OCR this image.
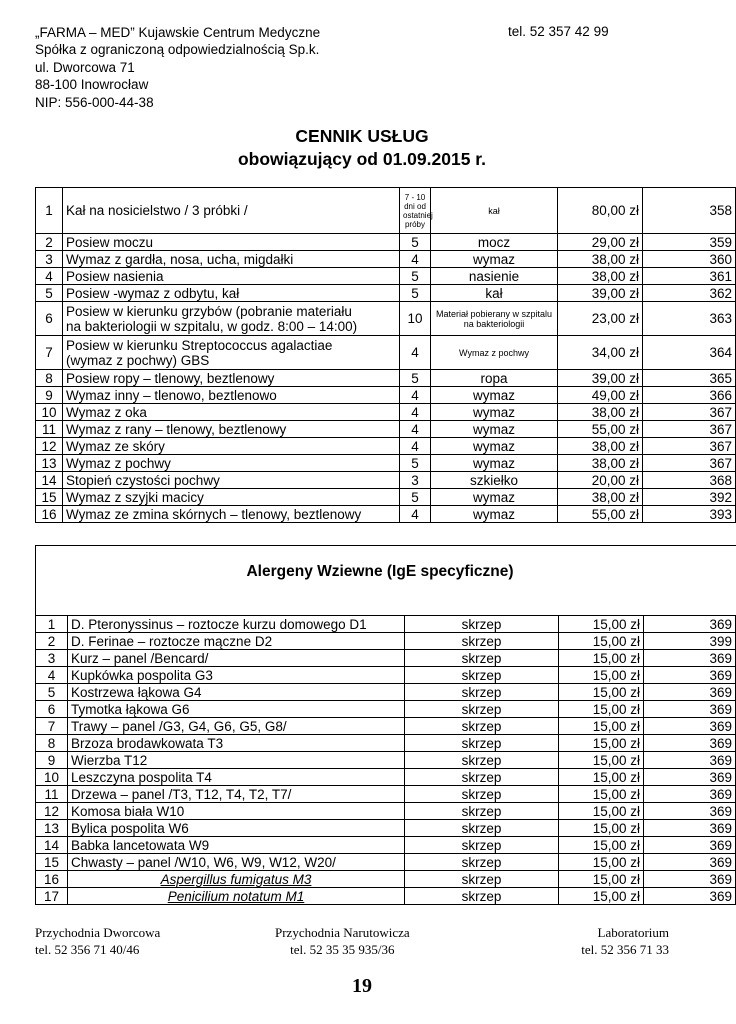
„FARMA – MED” Kujawskie Centrum Medyczne
Spółka z ograniczoną odpowiedzialnością Sp.k.
ul. Dworcowa 71
88-100 Inowrocław
NIP: 556-000-44-38
tel. 52 357 42 99
CENNIK USŁUG
obowiązujący od 01.09.2015 r.
1	Kał na nosicielstwo / 3 próbki /	7 - 10 dni od ostatniej próby	kał	80,00 zł	358
2	Posiew moczu	5	mocz	29,00 zł	359
3	Wymaz z gardła, nosa, ucha, migdałki	4	wymaz	38,00 zł	360
4	Posiew nasienia	5	nasienie	38,00 zł	361
5	Posiew -wymaz z odbytu, kał	5	kał	39,00 zł	362
6	Posiew w kierunku grzybów (pobranie materiału
na bakteriologii w szpitalu, w godz. 8:00 – 14:00)	10	Materiał pobierany w szpitalu na bakteriologii	23,00 zł	363
7	Posiew w kierunku Streptococcus agalactiae
(wymaz z pochwy) GBS	4	Wymaz z pochwy	34,00 zł	364
8	Posiew ropy – tlenowy, beztlenowy	5	ropa	39,00 zł	365
9	Wymaz inny – tlenowo, beztlenowo	4	wymaz	49,00 zł	366
10	Wymaz z oka	4	wymaz	38,00 zł	367
11	Wymaz z rany – tlenowy, beztlenowy	4	wymaz	55,00 zł	367
12	Wymaz ze skóry	4	wymaz	38,00 zł	367
13	Wymaz z pochwy	5	wymaz	38,00 zł	367
14	Stopień czystości pochwy	3	szkiełko	20,00 zł	368
15	Wymaz z szyjki macicy	5	wymaz	38,00 zł	392
16	Wymaz ze zmina skórnych – tlenowy, beztlenowy	4	wymaz	55,00 zł	393
Alergeny Wziewne (IgE specyficzne)
1	D. Pteronyssinus – roztocze kurzu domowego D1	skrzep	15,00 zł	369
2	D. Ferinae – roztocze mączne D2	skrzep	15,00 zł	399
3	Kurz – panel /Bencard/	skrzep	15,00 zł	369
4	Kupkówka pospolita G3	skrzep	15,00 zł	369
5	Kostrzewa łąkowa G4	skrzep	15,00 zł	369
6	Tymotka łąkowa G6	skrzep	15,00 zł	369
7	Trawy – panel /G3, G4, G6, G5, G8/	skrzep	15,00 zł	369
8	Brzoza brodawkowata T3	skrzep	15,00 zł	369
9	Wierzba T12	skrzep	15,00 zł	369
10	Leszczyna pospolita T4	skrzep	15,00 zł	369
11	Drzewa – panel /T3, T12, T4, T2, T7/	skrzep	15,00 zł	369
12	Komosa biała W10	skrzep	15,00 zł	369
13	Bylica pospolita W6	skrzep	15,00 zł	369
14	Babka lancetowata W9	skrzep	15,00 zł	369
15	Chwasty – panel /W10, W6, W9, W12, W20/	skrzep	15,00 zł	369
16	Aspergillus fumigatus M3	skrzep	15,00 zł	369
17	Penicilium notatum M1	skrzep	15,00 zł	369
Przychodnia Dworcowa
tel. 52 356 71 40/46
Przychodnia Narutowicza
tel. 52 35 35 935/36
Laboratorium
tel. 52 356 71 33
19
